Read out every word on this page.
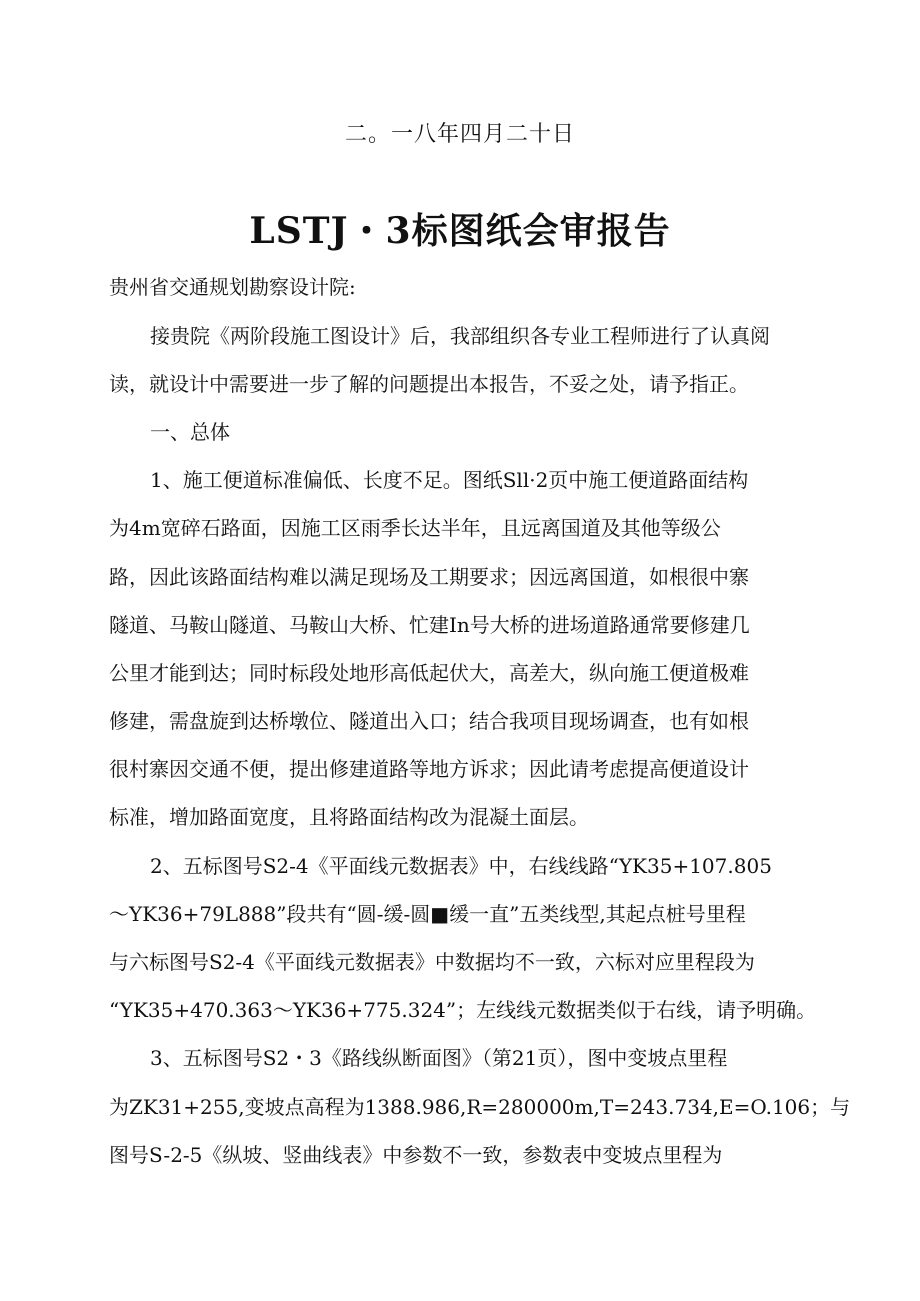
二。一八年四月二十日
LSTJ・3标图纸会审报告
贵州省交通规划勘察设计院:
接贵院《两阶段施工图设计》后，我部组织各专业工程师进行了认真阅
读，就设计中需要进一步了解的问题提出本报告，不妥之处，请予指正。
一、总体
1、施工便道标准偏低、长度不足。图纸Sll·2页中施工便道路面结构
为4m宽碎石路面，因施工区雨季长达半年，且远离国道及其他等级公
路，因此该路面结构难以满足现场及工期要求；因远离国道，如根很中寨
隧道、马鞍山隧道、马鞍山大桥、忙建In号大桥的进场道路通常要修建几
公里才能到达；同时标段处地形高低起伏大，高差大，纵向施工便道极难
修建，需盘旋到达桥墩位、隧道出入口；结合我项目现场调查，也有如根
很村寨因交通不便，提出修建道路等地方诉求；因此请考虑提高便道设计
标准，增加路面宽度，且将路面结构改为混凝土面层。
2、五标图号S2-4《平面线元数据表》中，右线线路“YK35+107.805
～YK36+79L888”段共有“圆-缓-圆■缓一直”五类线型,其起点桩号里程
与六标图号S2-4《平面线元数据表》中数据均不一致，六标对应里程段为
“YK35+470.363～YK36+775.324”；左线线元数据类似于右线，请予明确。
3、五标图号S2・3《路线纵断面图》（第21页），图中变坡点里程
为ZK31+255,变坡点高程为1388.986,R=280000m,T=243.734,E=O.106；与
图号S-2-5《纵坡、竖曲线表》中参数不一致，参数表中变坡点里程为
